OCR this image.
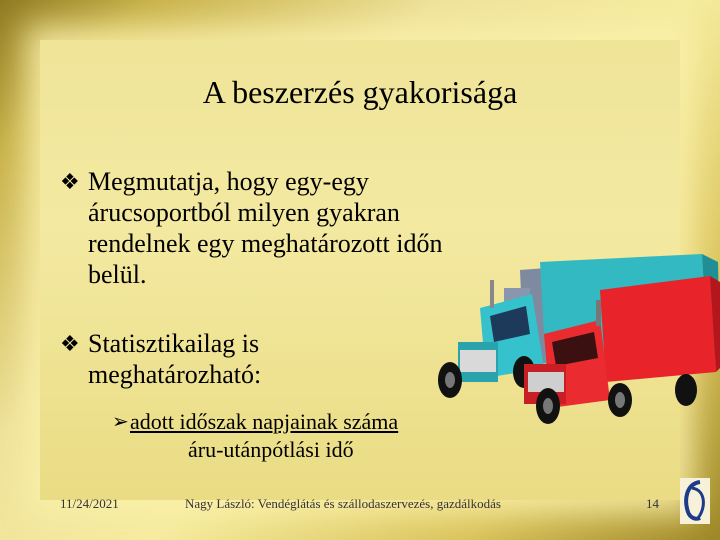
A beszerzés gyakorisága
❖ Megmutatja, hogy egy-egy árucsoportból milyen gyakran rendelnek egy meghatározott időn belül.
❖ Statisztikailag is meghatározható:
➢ adott időszak napjainak száma
áru-utánpótlási idő
11/24/2021	Nagy László: Vendéglátás és szállodaszervezés, gazdálkodás	14
